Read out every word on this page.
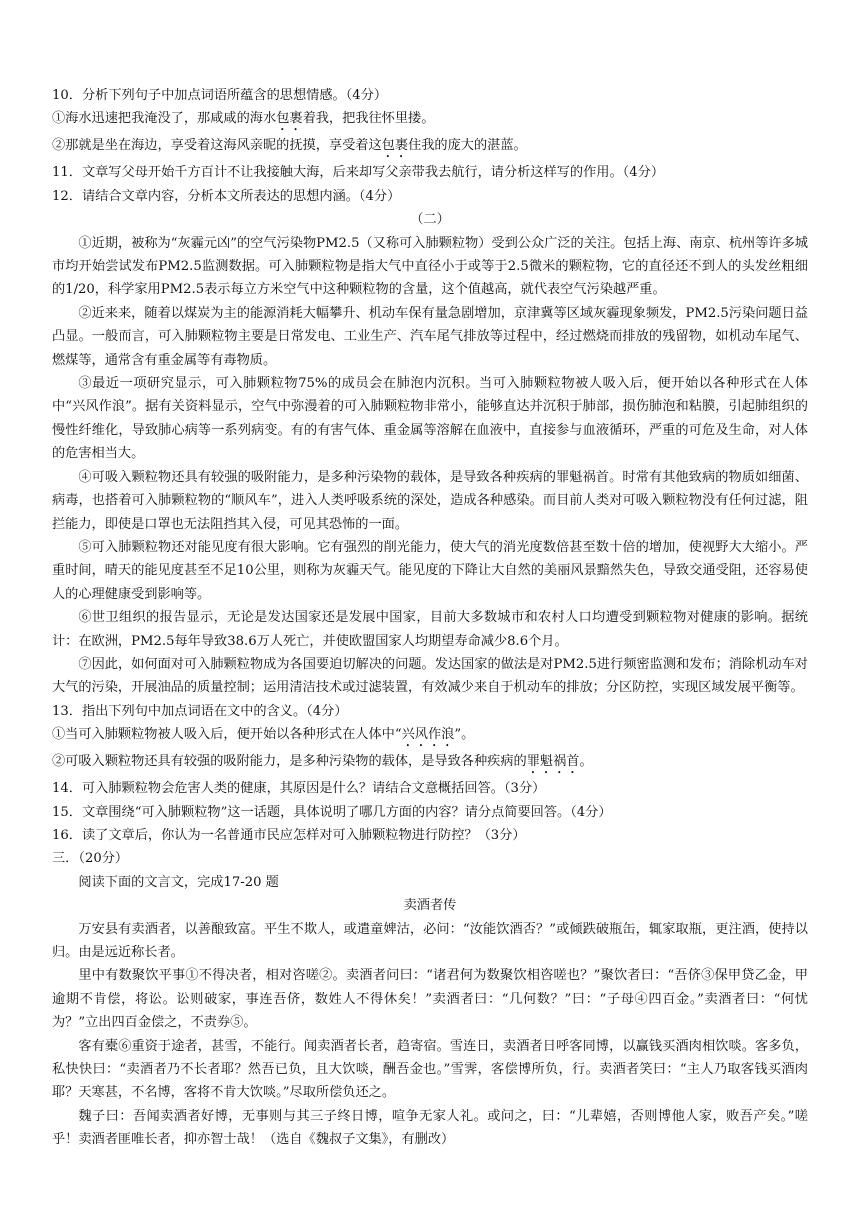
10．分析下列句子中加点词语所蕴含的思想情感。（4分）

①海水迅速把我淹没了，那咸咸的海水包裹着我，把我往怀里搂。

②那就是坐在海边，享受着这海风亲昵的抚摸，享受着这包裹住我的庞大的湛蓝。

11．文章写父母开始千方百计不让我接触大海，后来却写父亲带我去航行，请分析这样写的作用。（4分）

12．请结合文章内容，分析本文所表达的思想内涵。（4分）

（二）

①近期，被称为“灰霾元凶”的空气污染物PM2.5（又称可入肺颗粒物）受到公众广泛的关注。包括上海、南京、杭州等许多城市均开始尝试发布PM2.5监测数据。可入肺颗粒物是指大气中直径小于或等于2.5微米的颗粒物，它的直径还不到人的头发丝粗细的1/20，科学家用PM2.5表示每立方米空气中这种颗粒物的含量，这个值越高，就代表空气污染越严重。

②近来来，随着以煤炭为主的能源消耗大幅攀升、机动车保有量急剧增加，京津冀等区域灰霾现象频发，PM2.5污染问题日益凸显。一般而言，可入肺颗粒物主要是日常发电、工业生产、汽车尾气排放等过程中，经过燃烧而排放的残留物，如机动车尾气、燃煤等，通常含有重金属等有毒物质。

③最近一项研究显示，可入肺颗粒物75%的成员会在肺泡内沉积。当可入肺颗粒物被人吸入后，便开始以各种形式在人体中“兴风作浪”。据有关资料显示，空气中弥漫着的可入肺颗粒物非常小，能够直达并沉积于肺部，损伤肺泡和粘膜，引起肺组织的慢性纤维化，导致肺心病等一系列病变。有的有害气体、重金属等溶解在血液中，直接参与血液循环，严重的可危及生命，对人体的危害相当大。

④可吸入颗粒物还具有较强的吸附能力，是多种污染物的载体，是导致各种疾病的罪魁祸首。时常有其他致病的物质如细菌、病毒，也搭着可入肺颗粒物的“顺风车”，进入人类呼吸系统的深处，造成各种感染。而目前人类对可吸入颗粒物没有任何过滤，阻拦能力，即使是口罩也无法阻挡其入侵，可见其恐怖的一面。

⑤可入肺颗粒物还对能见度有很大影响。它有强烈的削光能力，使大气的消光度数倍甚至数十倍的增加，使视野大大缩小。严重时间，晴天的能见度甚至不足10公里，则称为灰霾天气。能见度的下降让大自然的美丽风景黯然失色，导致交通受阻，还容易使人的心理健康受到影响等。

⑥世卫组织的报告显示，无论是发达国家还是发展中国家，目前大多数城市和农村人口均遭受到颗粒物对健康的影响。据统计：在欧洲，PM2.5每年导致38.6万人死亡，并使欧盟国家人均期望寿命减少8.6个月。

⑦因此，如何面对可入肺颗粒物成为各国要迫切解决的问题。发达国家的做法是对PM2.5进行频密监测和发布；消除机动车对大气的污染，开展油品的质量控制；运用清洁技术或过滤装置，有效减少来自于机动车的排放；分区防控，实现区域发展平衡等。

13．指出下列句中加点词语在文中的含义。（4分）

①当可入肺颗粒物被人吸入后，便开始以各种形式在人体中“兴风作浪”。

②可吸入颗粒物还具有较强的吸附能力，是多种污染物的载体，是导致各种疾病的罪魁祸首。

14．可入肺颗粒物会危害人类的健康，其原因是什么？请结合文意概括回答。（3分）

15．文章围绕“可入肺颗粒物”这一话题，具体说明了哪几方面的内容？请分点简要回答。（4分）

16．读了文章后，你认为一名普通市民应怎样对可入肺颗粒物进行防控？（3分）

三．（20分）

阅读下面的文言文，完成17-20 题

卖酒者传

万安县有卖酒者，以善酿致富。平生不欺人，或遣童婢沽，必问：“汝能饮酒否？”或倾跌破瓶缶，辄家取瓶，更注酒，使持以归。由是远近称长者。

里中有数聚饮平事①不得决者，相对咨嗟②。卖酒者问曰：“诸君何为数聚饮相咨嗟也？”聚饮者曰：“吾侪③保甲贷乙金，甲逾期不肯偿，将讼。讼则破家，事连吾侪，数姓人不得休矣！”卖酒者曰：“几何数？”曰：“子母④四百金。”卖酒者曰：“何忧为？”立出四百金偿之，不责券⑤。

客有橐⑥重资于途者，甚雪，不能行。闻卖酒者长者，趋寄宿。雪连日，卖酒者日呼客同博，以赢钱买酒肉相饮啖。客多负，私快快曰：“卖酒者乃不长者耶？然吾已负，且大饮啖，酬吾金也。”雪霁，客偿博所负，行。卖酒者笑曰：“主人乃取客钱买酒肉耶？天寒甚，不名博，客将不肯大饮啖。”尽取所偿负还之。

魏子曰：吾闻卖酒者好博，无事则与其三子终日博，喧争无家人礼。或问之，曰：“儿辈嬉，否则博他人家，败吾产矣。”嗟乎！卖酒者匪唯长者，抑亦智士哉！（选自《魏叔子文集》，有删改）
